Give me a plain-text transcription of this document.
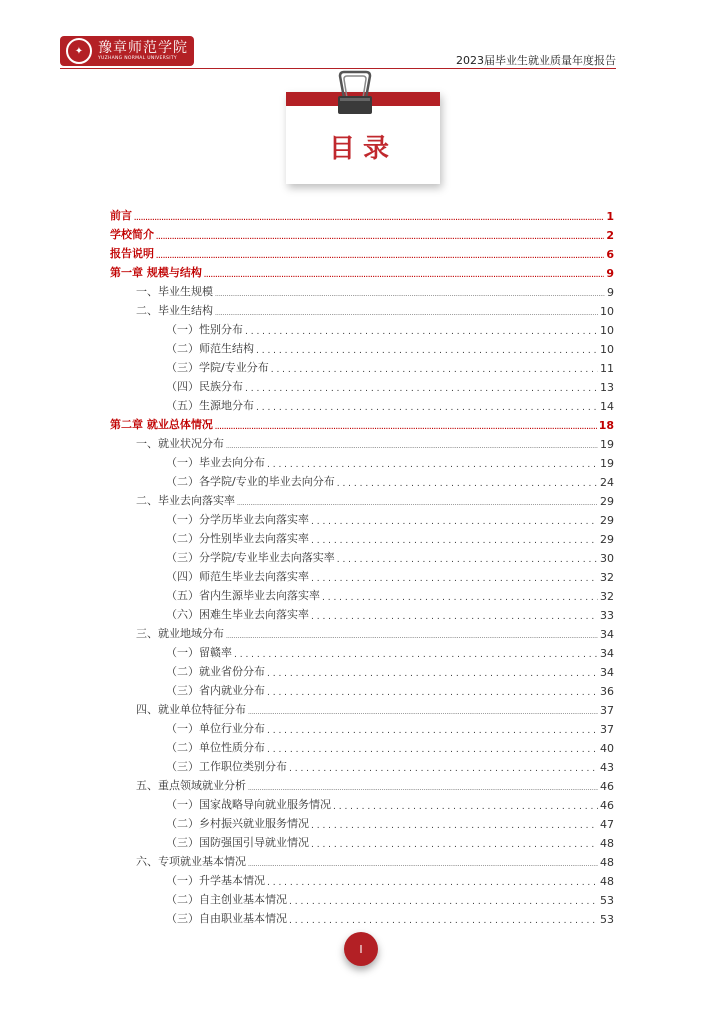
✦	豫章师范学院
YUZHANG NORMAL UNIVERSITY	2023届毕业生就业质量年度报告
目录
前言 .....	1
学校简介 .....	2
报告说明 .....	6
第一章 规模与结构 .....	9
一、毕业生规模 .....	9
二、毕业生结构 .....	10
（一）性别分布 . . .	10
（二）师范生结构 . . .	10
（三）学院/专业分布 . . .	11
（四）民族分布 . . .	13
（五）生源地分布 . . .	14
第二章 就业总体情况 .....	18
一、就业状况分布 .....	19
（一）毕业去向分布 . . .	19
（二）各学院/专业的毕业去向分布 . . .	24
二、毕业去向落实率 .....	29
（一）分学历毕业去向落实率 . . .	29
（二）分性别毕业去向落实率 . . .	29
（三）分学院/专业毕业去向落实率 . . .	30
（四）师范生毕业去向落实率 . . .	32
（五）省内生源毕业去向落实率 . . .	32
（六）困难生毕业去向落实率 . . .	33
三、就业地域分布 .....	34
（一）留赣率 . . .	34
（二）就业省份分布 . . .	34
（三）省内就业分布 . . .	36
四、就业单位特征分布 .....	37
（一）单位行业分布 . . .	37
（二）单位性质分布 . . .	40
（三）工作职位类别分布 . . .	43
五、重点领域就业分析 .....	46
（一）国家战略导向就业服务情况 . . .	46
（二）乡村振兴就业服务情况 . . .	47
（三）国防强国引导就业情况 . . .	48
六、专项就业基本情况 .....	48
（一）升学基本情况 . . .	48
（二）自主创业基本情况 . . .	53
（三）自由职业基本情况 . . .	53
I
